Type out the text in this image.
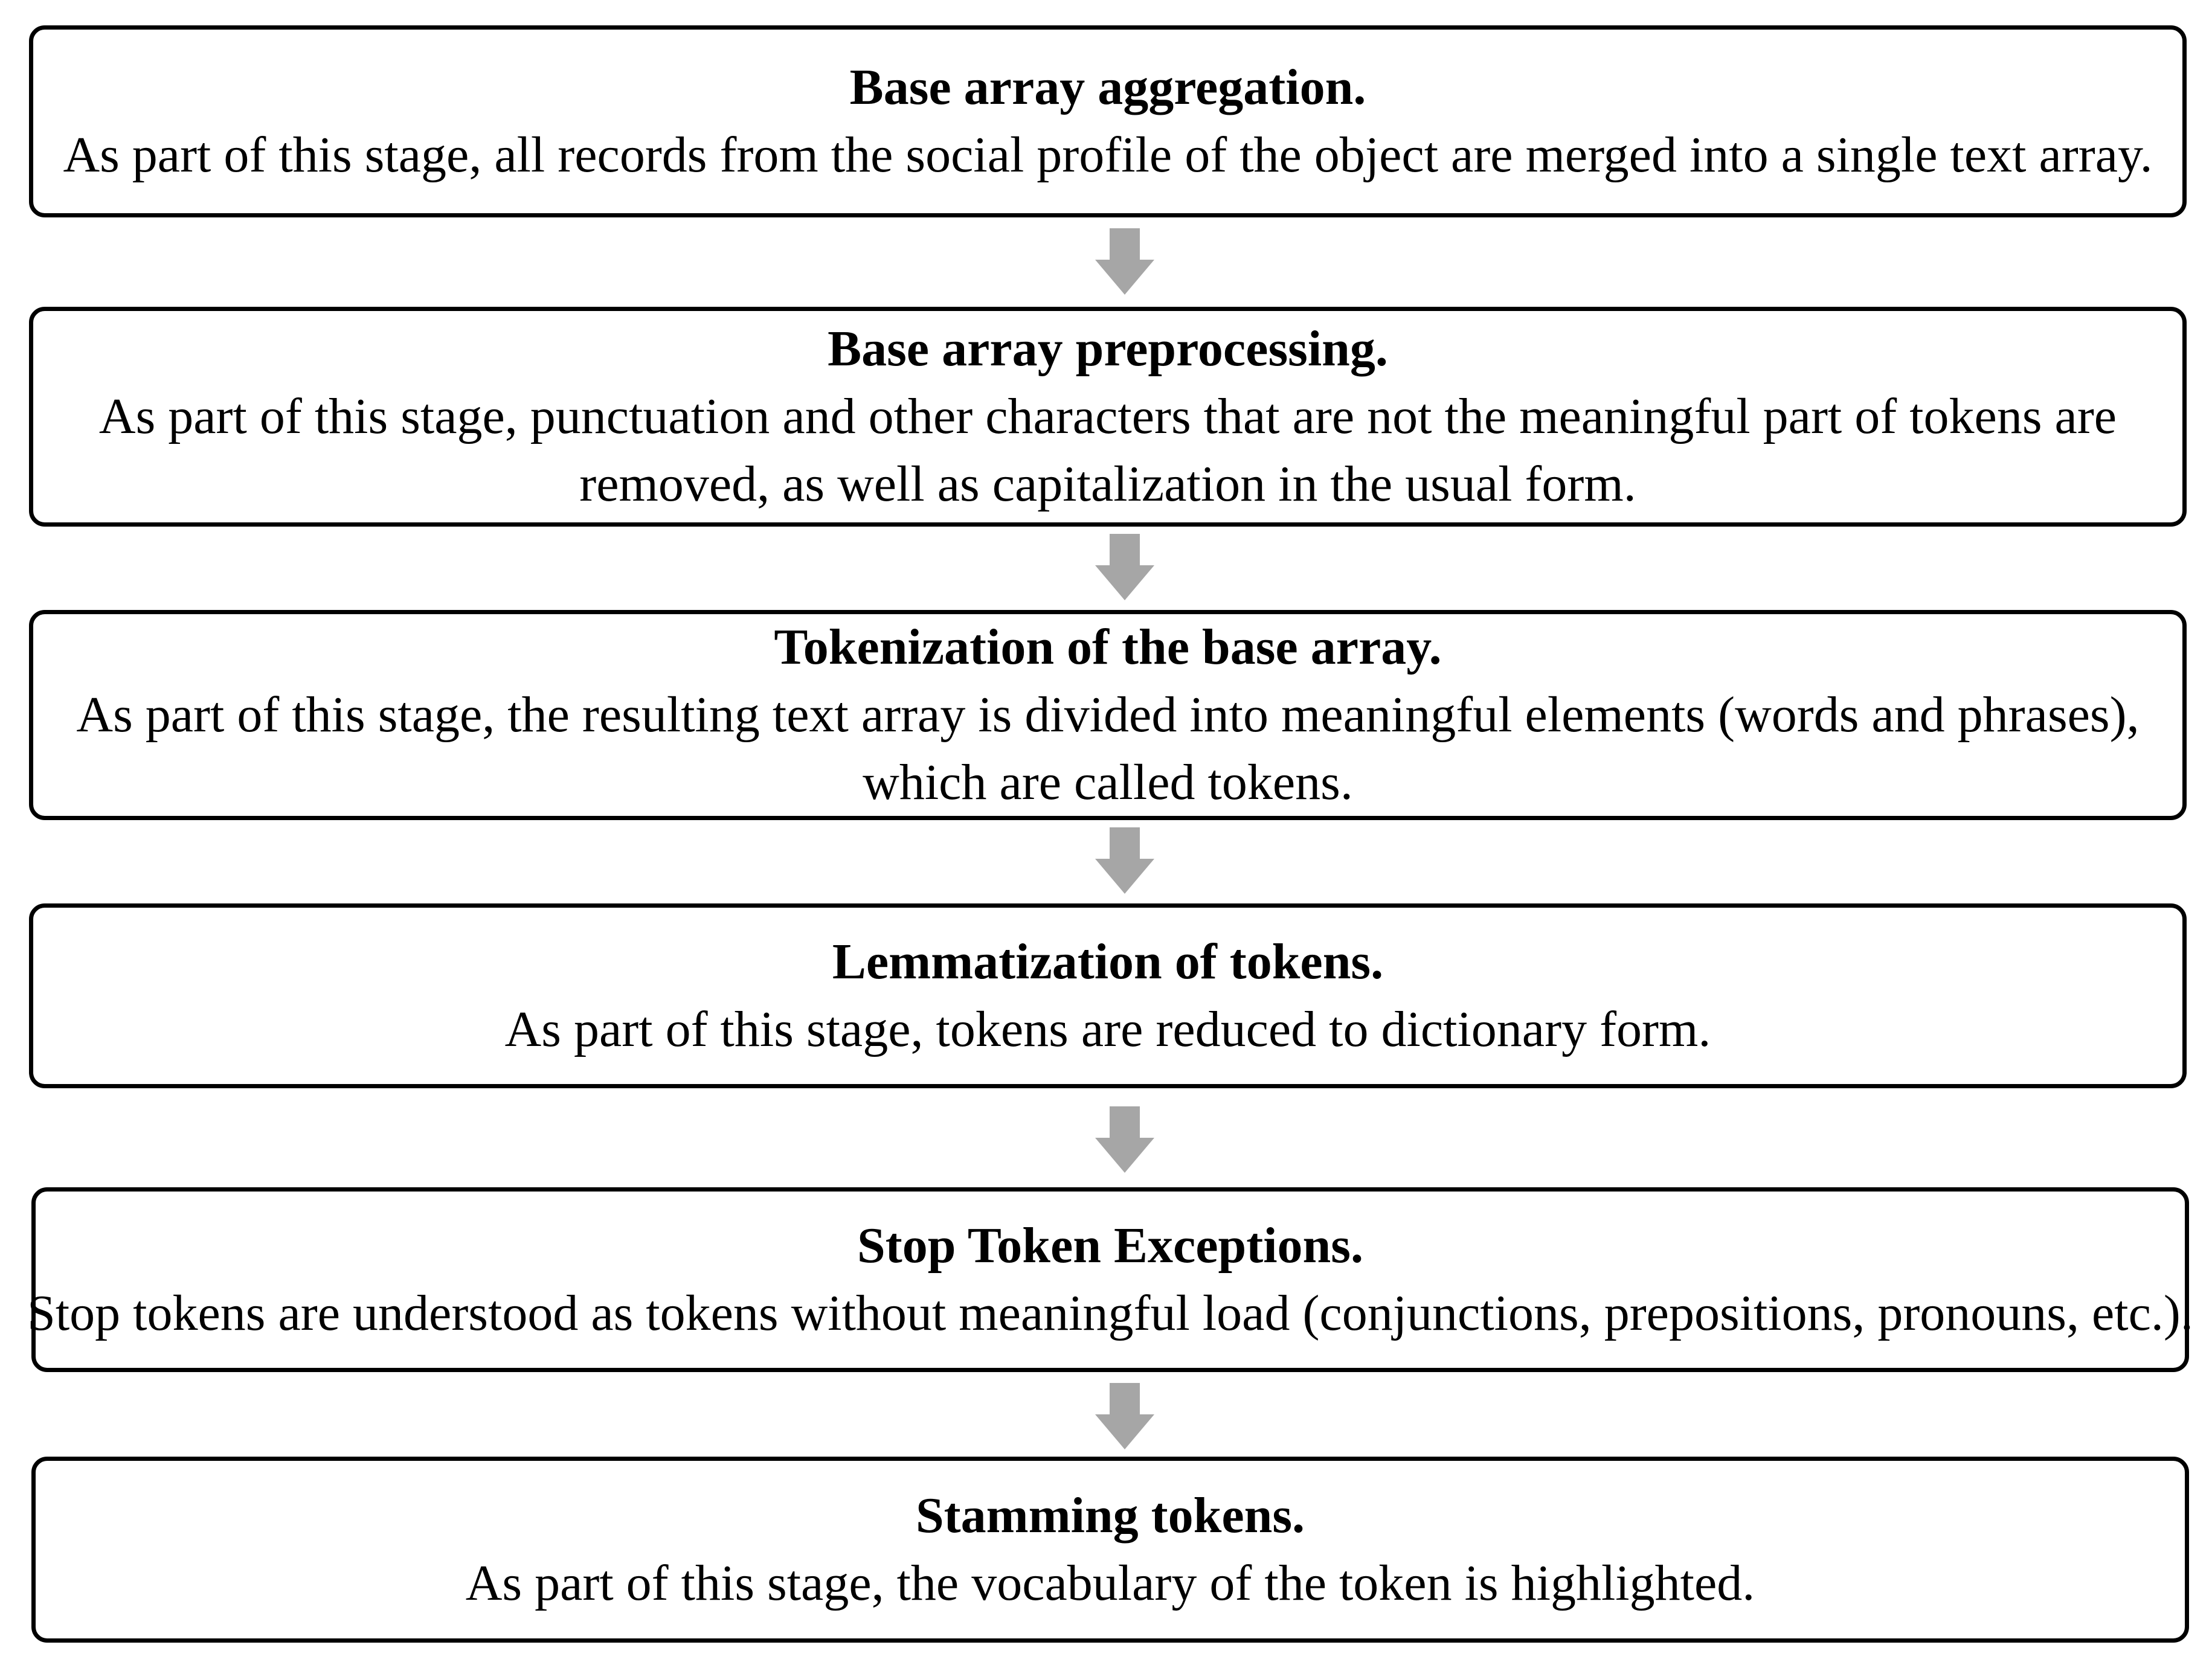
Base array aggregation.
As part of this stage, all records from the social profile of the object are merged into a single text array.
Base array preprocessing.
As part of this stage, punctuation and other characters that are not the meaningful part of tokens are removed, as well as capitalization in the usual form.
Tokenization of the base array.
As part of this stage, the resulting text array is divided into meaningful elements (words and phrases), which are called tokens.
Lemmatization of tokens.
As part of this stage, tokens are reduced to dictionary form.
Stop Token Exceptions.
Stop tokens are understood as tokens without meaningful load (conjunctions, prepositions, pronouns, etc.).
Stamming tokens.
As part of this stage, the vocabulary of the token is highlighted.
